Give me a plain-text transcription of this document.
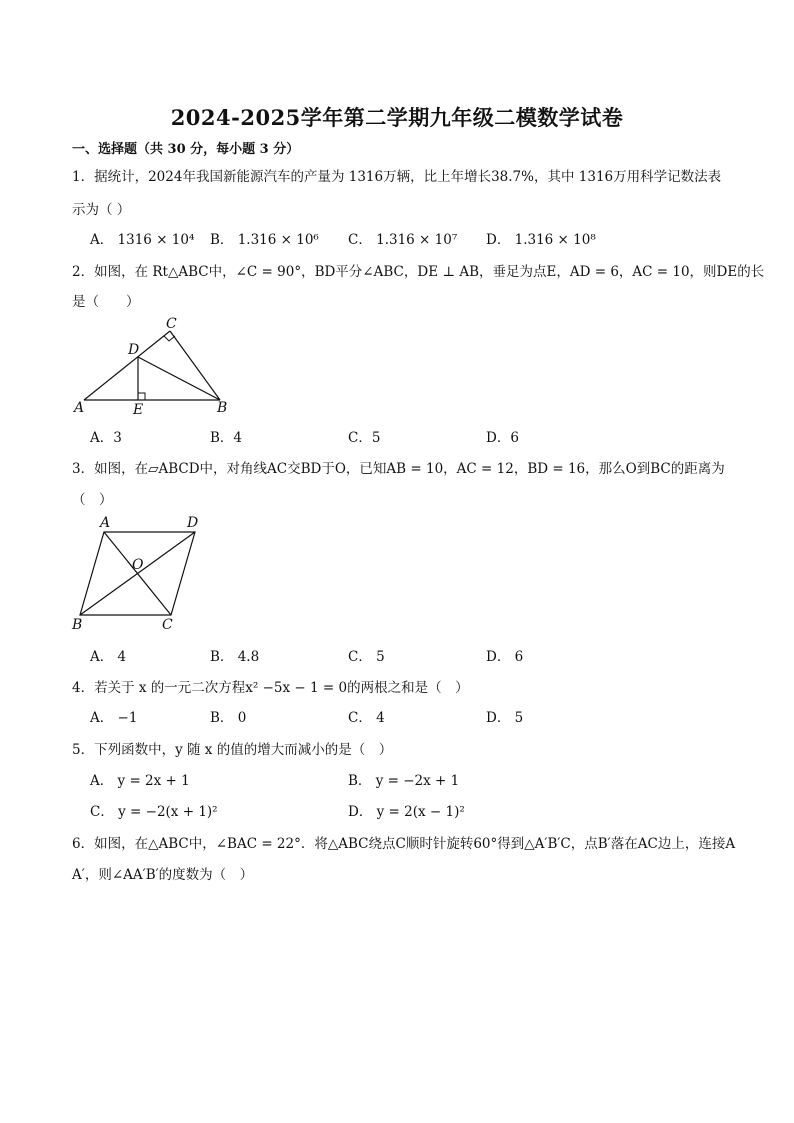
2024-2025学年第二学期九年级二模数学试卷
一、选择题（共 30 分，每小题 3 分）
1．据统计，2024年我国新能源汽车的产量为 1316万辆，比上年增长38.7%，其中 1316万用科学记数法表
示为（ ）
A． 1316 × 10⁴ B． 1.316 × 10⁶ C． 1.316 × 10⁷ D． 1.316 × 10⁸
2．如图，在 Rt△ABC中，∠C = 90°，BD平分∠ABC，DE ⊥ AB，垂足为点E，AD = 6，AC = 10，则DE的长
是（　　）
C
D
A	E	B
A．3	B．4	C．5	D．6
3．如图，在▱ABCD中，对角线AC交BD于O，已知AB = 10，AC = 12，BD = 16，那么O到BC的距离为
（　）
A	D
O
B	C
A． 4	B． 4.8	C． 5	D． 6
4．若关于 x 的一元二次方程x² −5x − 1 = 0的两根之和是（　）
A． −1	B． 0	C． 4	D． 5
5．下列函数中，y 随 x 的值的增大而减小的是（　）
A． y = 2x + 1	B． y = −2x + 1
C． y = −2(x + 1)²	D． y = 2(x − 1)²
6．如图，在△ABC中，∠BAC = 22°．将△ABC绕点C顺时针旋转60°得到△A′B′C，点B′落在AC边上，连接A
A′，则∠AA′B′的度数为（　）
